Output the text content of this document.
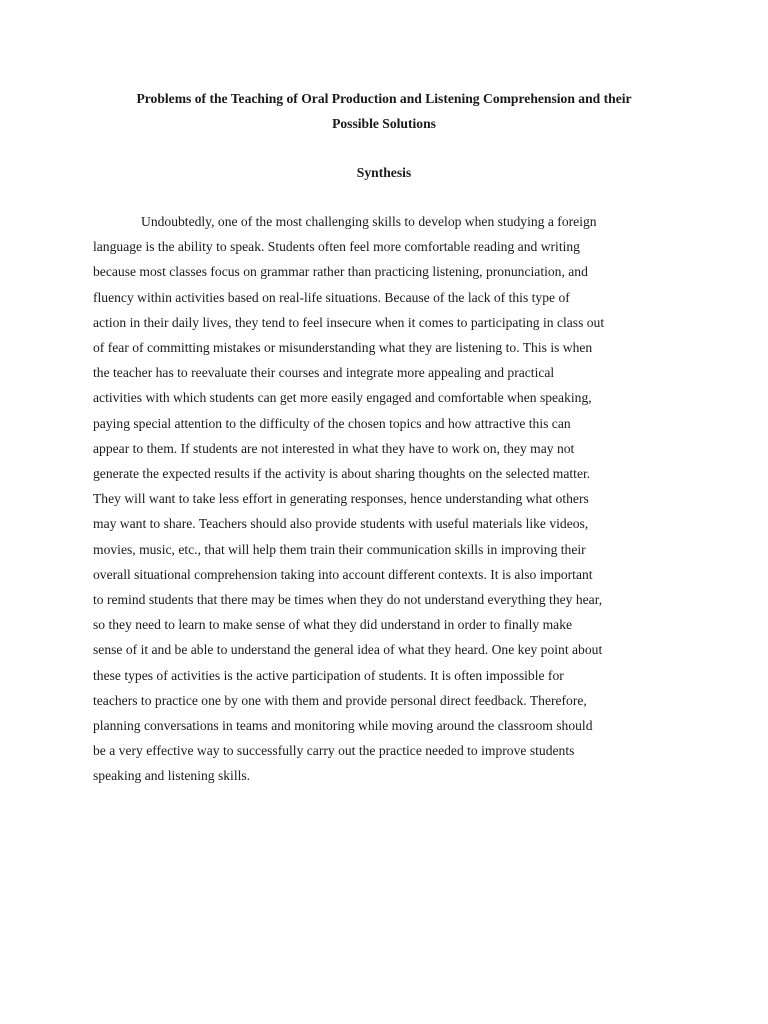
Problems of the Teaching of Oral Production and Listening Comprehension and their
Possible Solutions
Synthesis
Undoubtedly, one of the most challenging skills to develop when studying a foreign
language is the ability to speak. Students often feel more comfortable reading and writing
because most classes focus on grammar rather than practicing listening, pronunciation, and
fluency within activities based on real-life situations. Because of the lack of this type of
action in their daily lives, they tend to feel insecure when it comes to participating in class out
of fear of committing mistakes or misunderstanding what they are listening to. This is when
the teacher has to reevaluate their courses and integrate more appealing and practical
activities with which students can get more easily engaged and comfortable when speaking,
paying special attention to the difficulty of the chosen topics and how attractive this can
appear to them. If students are not interested in what they have to work on, they may not
generate the expected results if the activity is about sharing thoughts on the selected matter.
They will want to take less effort in generating responses, hence understanding what others
may want to share. Teachers should also provide students with useful materials like videos,
movies, music, etc., that will help them train their communication skills in improving their
overall situational comprehension taking into account different contexts. It is also important
to remind students that there may be times when they do not understand everything they hear,
so they need to learn to make sense of what they did understand in order to finally make
sense of it and be able to understand the general idea of what they heard. One key point about
these types of activities is the active participation of students. It is often impossible for
teachers to practice one by one with them and provide personal direct feedback. Therefore,
planning conversations in teams and monitoring while moving around the classroom should
be a very effective way to successfully carry out the practice needed to improve students
speaking and listening skills.
